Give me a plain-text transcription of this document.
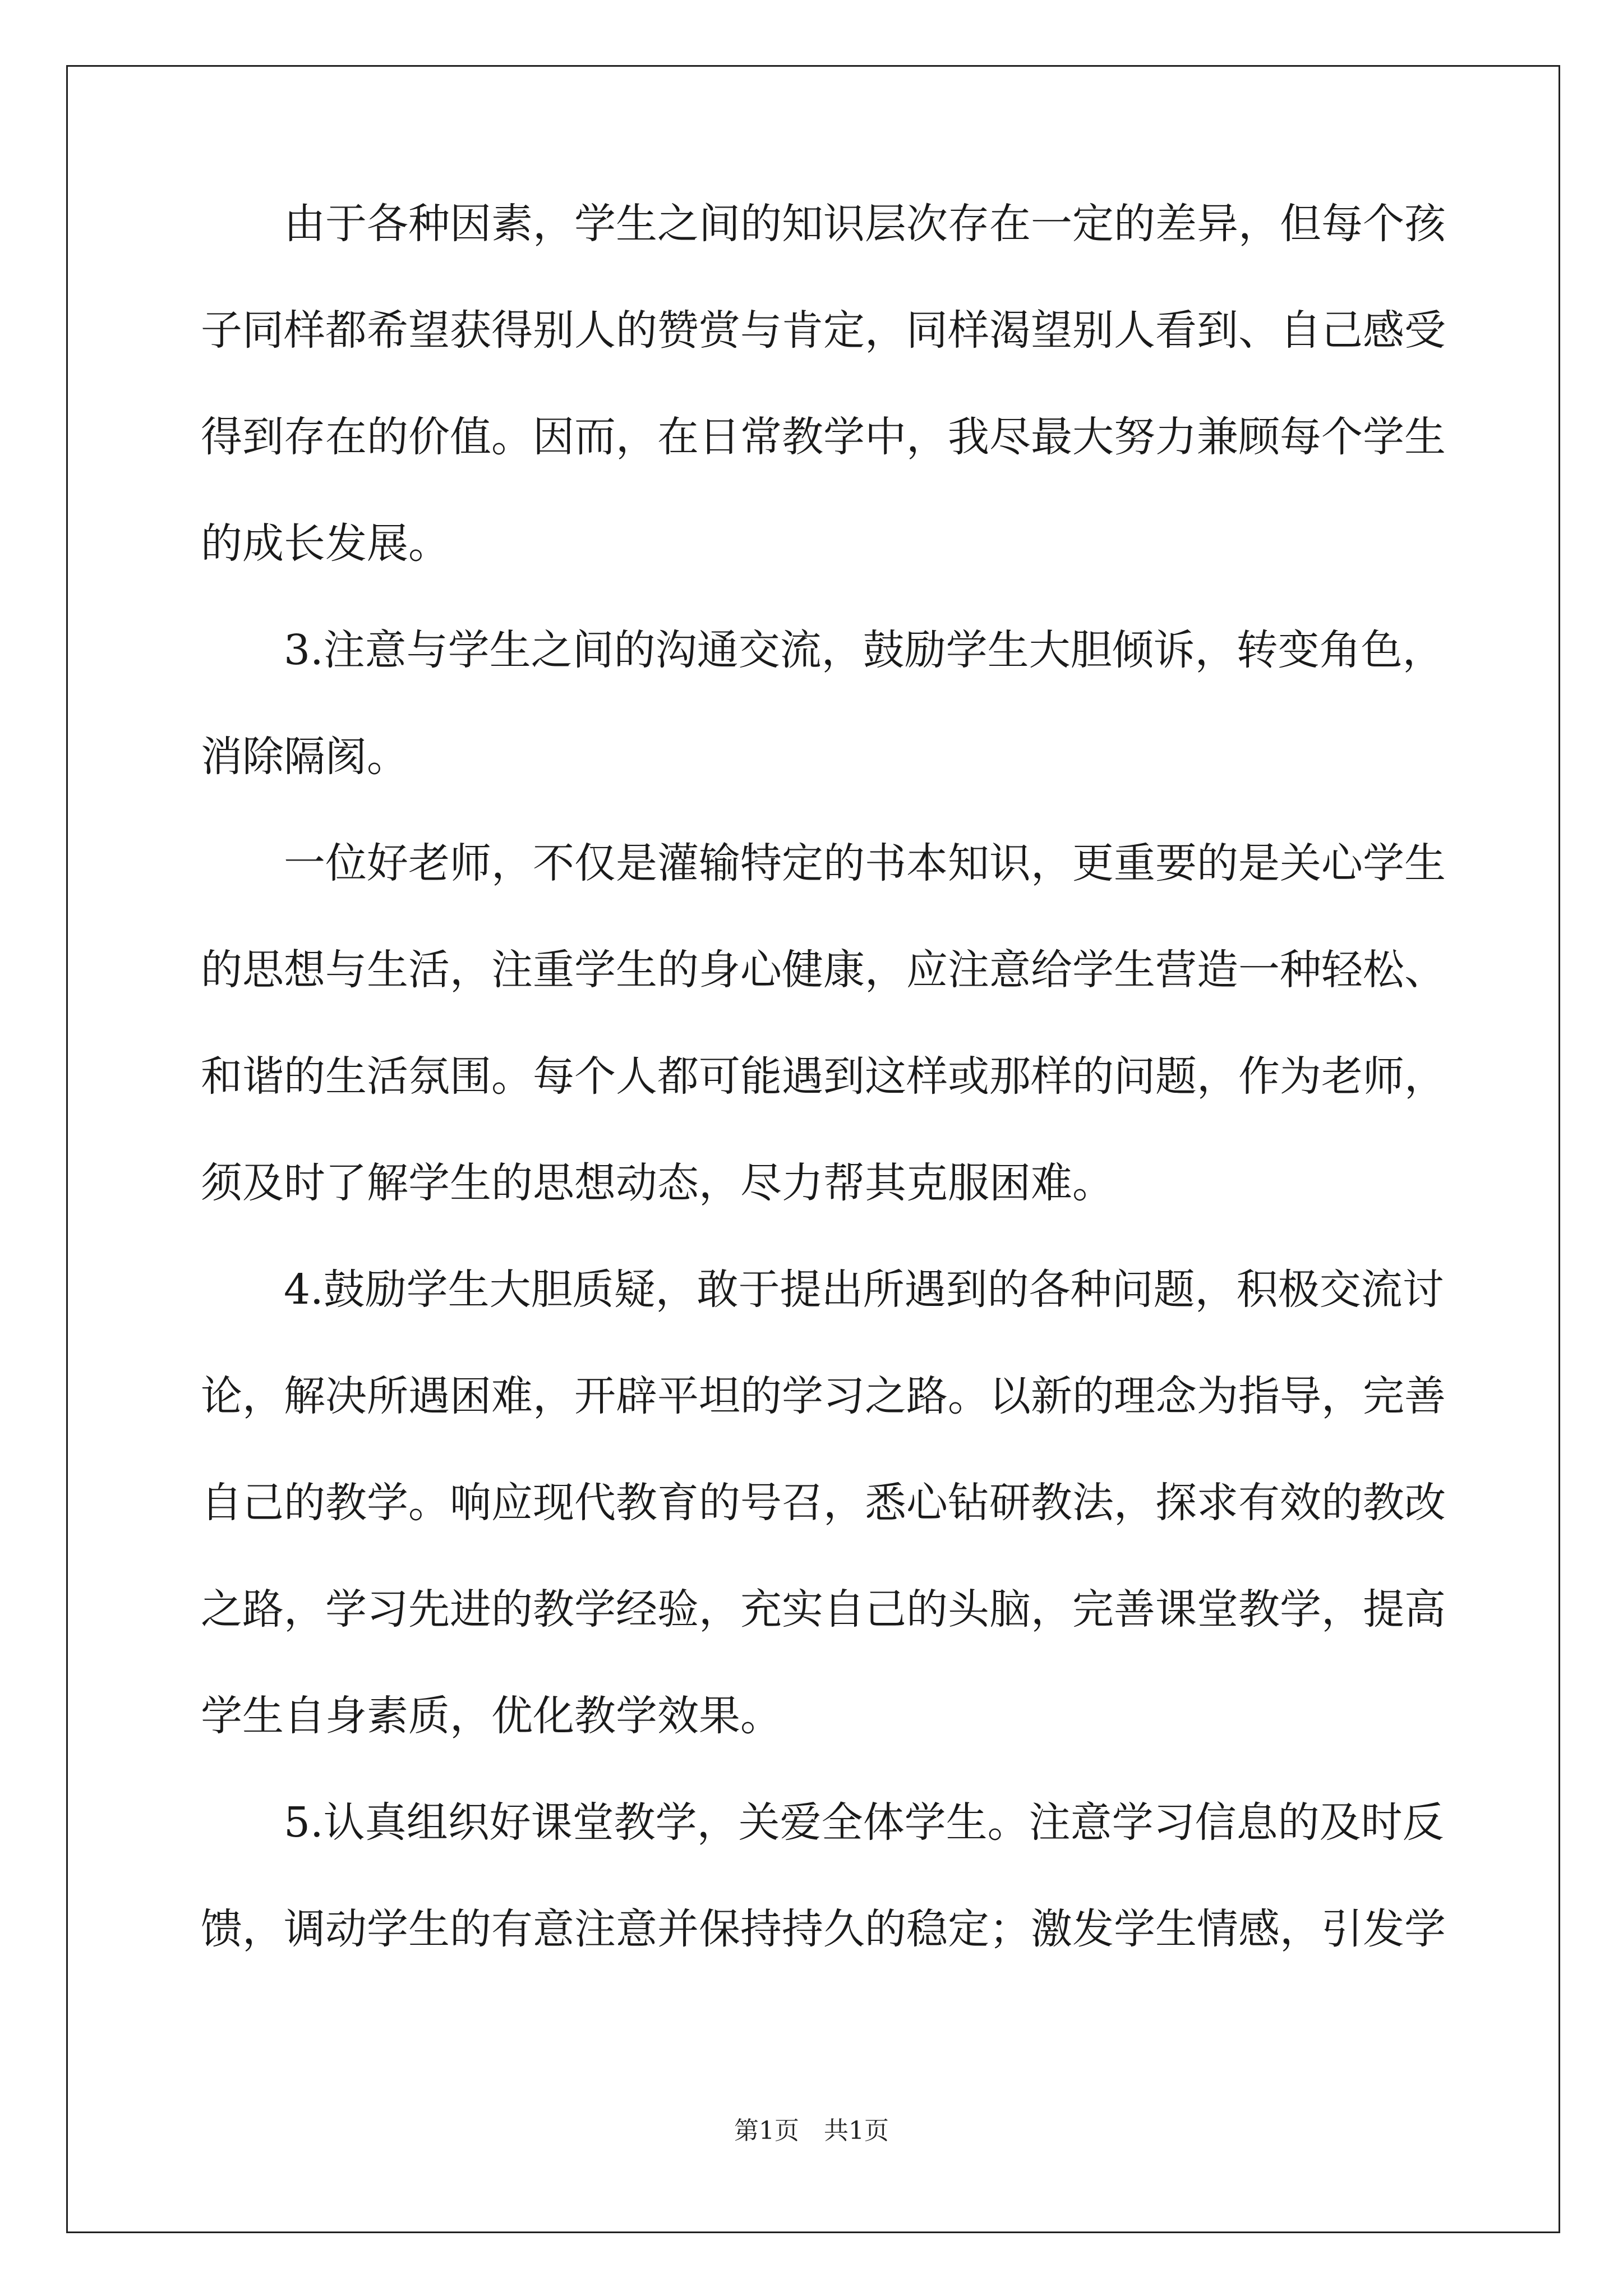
由于各种因素，学生之间的知识层次存在一定的差异，但每个孩
子同样都希望获得别人的赞赏与肯定，同样渴望别人看到、自己感受
得到存在的价值。因而，在日常教学中，我尽最大努力兼顾每个学生
的成长发展。
3.注意与学生之间的沟通交流，鼓励学生大胆倾诉，转变角色，
消除隔阂。
一位好老师，不仅是灌输特定的书本知识，更重要的是关心学生
的思想与生活，注重学生的身心健康，应注意给学生营造一种轻松、
和谐的生活氛围。每个人都可能遇到这样或那样的问题，作为老师，
须及时了解学生的思想动态，尽力帮其克服困难。
4.鼓励学生大胆质疑，敢于提出所遇到的各种问题，积极交流讨
论，解决所遇困难，开辟平坦的学习之路。以新的理念为指导，完善
自己的教学。响应现代教育的号召，悉心钻研教法，探求有效的教改
之路，学习先进的教学经验，充实自己的头脑，完善课堂教学，提高
学生自身素质，优化教学效果。
5.认真组织好课堂教学，关爱全体学生。注意学习信息的及时反
馈，调动学生的有意注意并保持持久的稳定；激发学生情感，引发学
第1页　共1页
